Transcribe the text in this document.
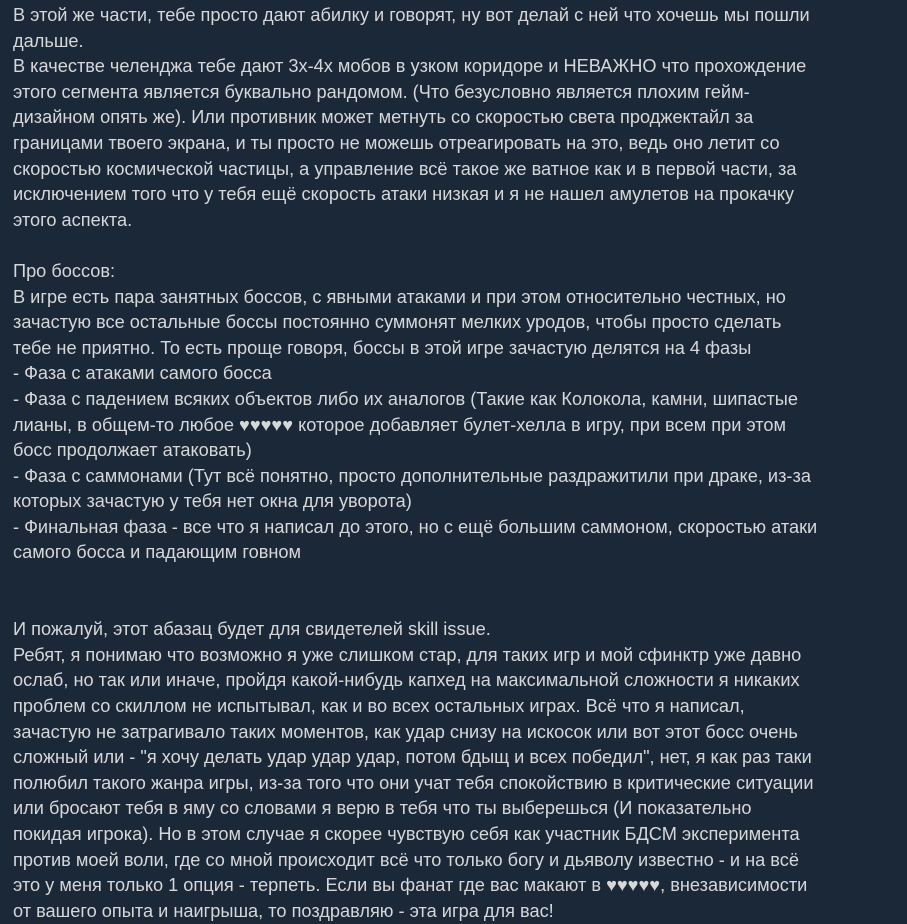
В этой же части, тебе просто дают абилку и говорят, ну вот делай с ней что хочешь мы пошли
дальше.
В качестве челенджа тебе дают 3х-4х мобов в узком коридоре и НЕВАЖНО что прохождение
этого сегмента является буквально рандомом. (Что безусловно является плохим гейм-
дизайном опять же). Или противник может метнуть со скоростью света проджектайл за
границами твоего экрана, и ты просто не можешь отреагировать на это, ведь оно летит со
скоростью космической частицы, а управление всё такое же ватное как и в первой части, за
исключением того что у тебя ещё скорость атаки низкая и я не нашел амулетов на прокачку
этого аспекта.
Про боссов:
В игре есть пара занятных боссов, с явными атаками и при этом относительно честных, но
зачастую все остальные боссы постоянно суммонят мелких уродов, чтобы просто сделать
тебе не приятно. То есть проще говоря, боссы в этой игре зачастую делятся на 4 фазы
- Фаза с атаками самого босса
- Фаза с падением всяких объектов либо их аналогов (Такие как Колокола, камни, шипастые
лианы, в общем-то любое ♥♥♥♥♥ которое добавляет булет-хелла в игру, при всем при этом
босс продолжает атаковать)
- Фаза с саммонами (Тут всё понятно, просто дополнительные раздражитили при драке, из-за
которых зачастую у тебя нет окна для уворота)
- Финальная фаза - все что я написал до этого, но с ещё большим саммоном, скоростью атаки
самого босса и падающим говном
И пожалуй, этот абазац будет для свидетелей skill issue.
Ребят, я понимаю что возможно я уже слишком стар, для таких игр и мой сфинктр уже давно
ослаб, но так или иначе, пройдя какой-нибудь капхед на максимальной сложности я никаких
проблем со скиллом не испытывал, как и во всех остальных играх. Всё что я написал,
зачастую не затрагивало таких моментов, как удар снизу на искосок или вот этот босс очень
сложный или - "я хочу делать удар удар удар, потом бдыщ и всех победил", нет, я как раз таки
полюбил такого жанра игры, из-за того что они учат тебя спокойствию в критические ситуации
или бросают тебя в яму со словами я верю в тебя что ты выберешься (И показательно
покидая игрока). Но в этом случае я скорее чувствую себя как участник БДСМ эксперимента
против моей воли, где со мной происходит всё что только богу и дьяволу известно - и на всё
это у меня только 1 опция - терпеть. Если вы фанат где вас макают в ♥♥♥♥♥, внезависимости
от вашего опыта и наигрыша, то поздравляю - эта игра для вас!
